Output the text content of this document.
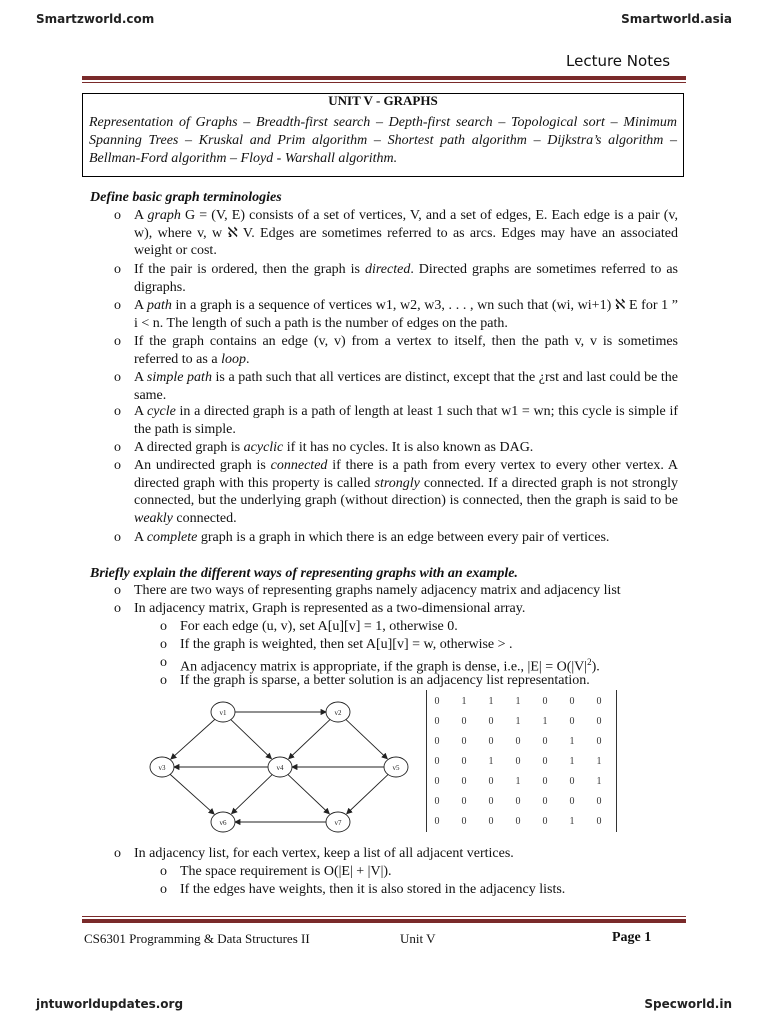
Smartzworld.com	Smartworld.asia
Lecture Notes
UNIT V - GRAPHS
Representation of Graphs – Breadth-first search – Depth-first search – Topological sort – Minimum Spanning Trees – Kruskal and Prim algorithm – Shortest path algorithm – Dijkstra’s algorithm –Bellman-Ford algorithm – Floyd - Warshall algorithm.
Define basic graph terminologies
o A graph G = (V, E) consists of a set of vertices, V, and a set of edges, E. Each edge is a pair (v, w), where v, w ℵ V. Edges are sometimes referred to as arcs. Edges may have an associated weight or cost.
o If the pair is ordered, then the graph is directed. Directed graphs are sometimes referred to as digraphs.
o A path in a graph is a sequence of vertices w1, w2, w3, . . . , wn such that (wi, wi+1) ℵ E for 1 ” i < n. The length of such a path is the number of edges on the path.
o If the graph contains an edge (v, v) from a vertex to itself, then the path v, v is sometimes referred to as a loop.
o A simple path is a path such that all vertices are distinct, except that the ¿rst and last could be the same.
o A cycle in a directed graph is a path of length at least 1 such that w1 = wn; this cycle is simple if the path is simple.
o A directed graph is acyclic if it has no cycles. It is also known as DAG.
o An undirected graph is connected if there is a path from every vertex to every other vertex. A directed graph with this property is called strongly connected. If a directed graph is not strongly connected, but the underlying graph (without direction) is connected, then the graph is said to be weakly connected.
o A complete graph is a graph in which there is an edge between every pair of vertices.
Briefly explain the different ways of representing graphs with an example.
o There are two ways of representing graphs namely adjacency matrix and adjacency list
o In adjacency matrix, Graph is represented as a two-dimensional array.
o For each edge (u, v), set A[u][v] = 1, otherwise 0.
o If the graph is weighted, then set A[u][v] = w, otherwise ˃ .
o An adjacency matrix is appropriate, if the graph is dense, i.e., $|E| = O(|V|^2)$.
o If the graph is sparse, a better solution is an adjacency list representation.
o In adjacency list, for each vertex, keep a list of all adjacent vertices.
o The space requirement is O(|E| + |V|).
o If the edges have weights, then it is also stored in the adjacency lists.
v1	v2
v3	v4	v5
v6	v7
0 1 1 1 0 0 0
0 0 0 1 1 0 0
0 0 0 0 0 1 0
0 0 1 0 0 1 1
0 0 0 1 0 0 1
0 0 0 0 0 0 0
0 0 0 0 0 1 0
CS6301 Programming & Data Structures II	Unit V	Page 1
jntuworldupdates.org	Specworld.in
